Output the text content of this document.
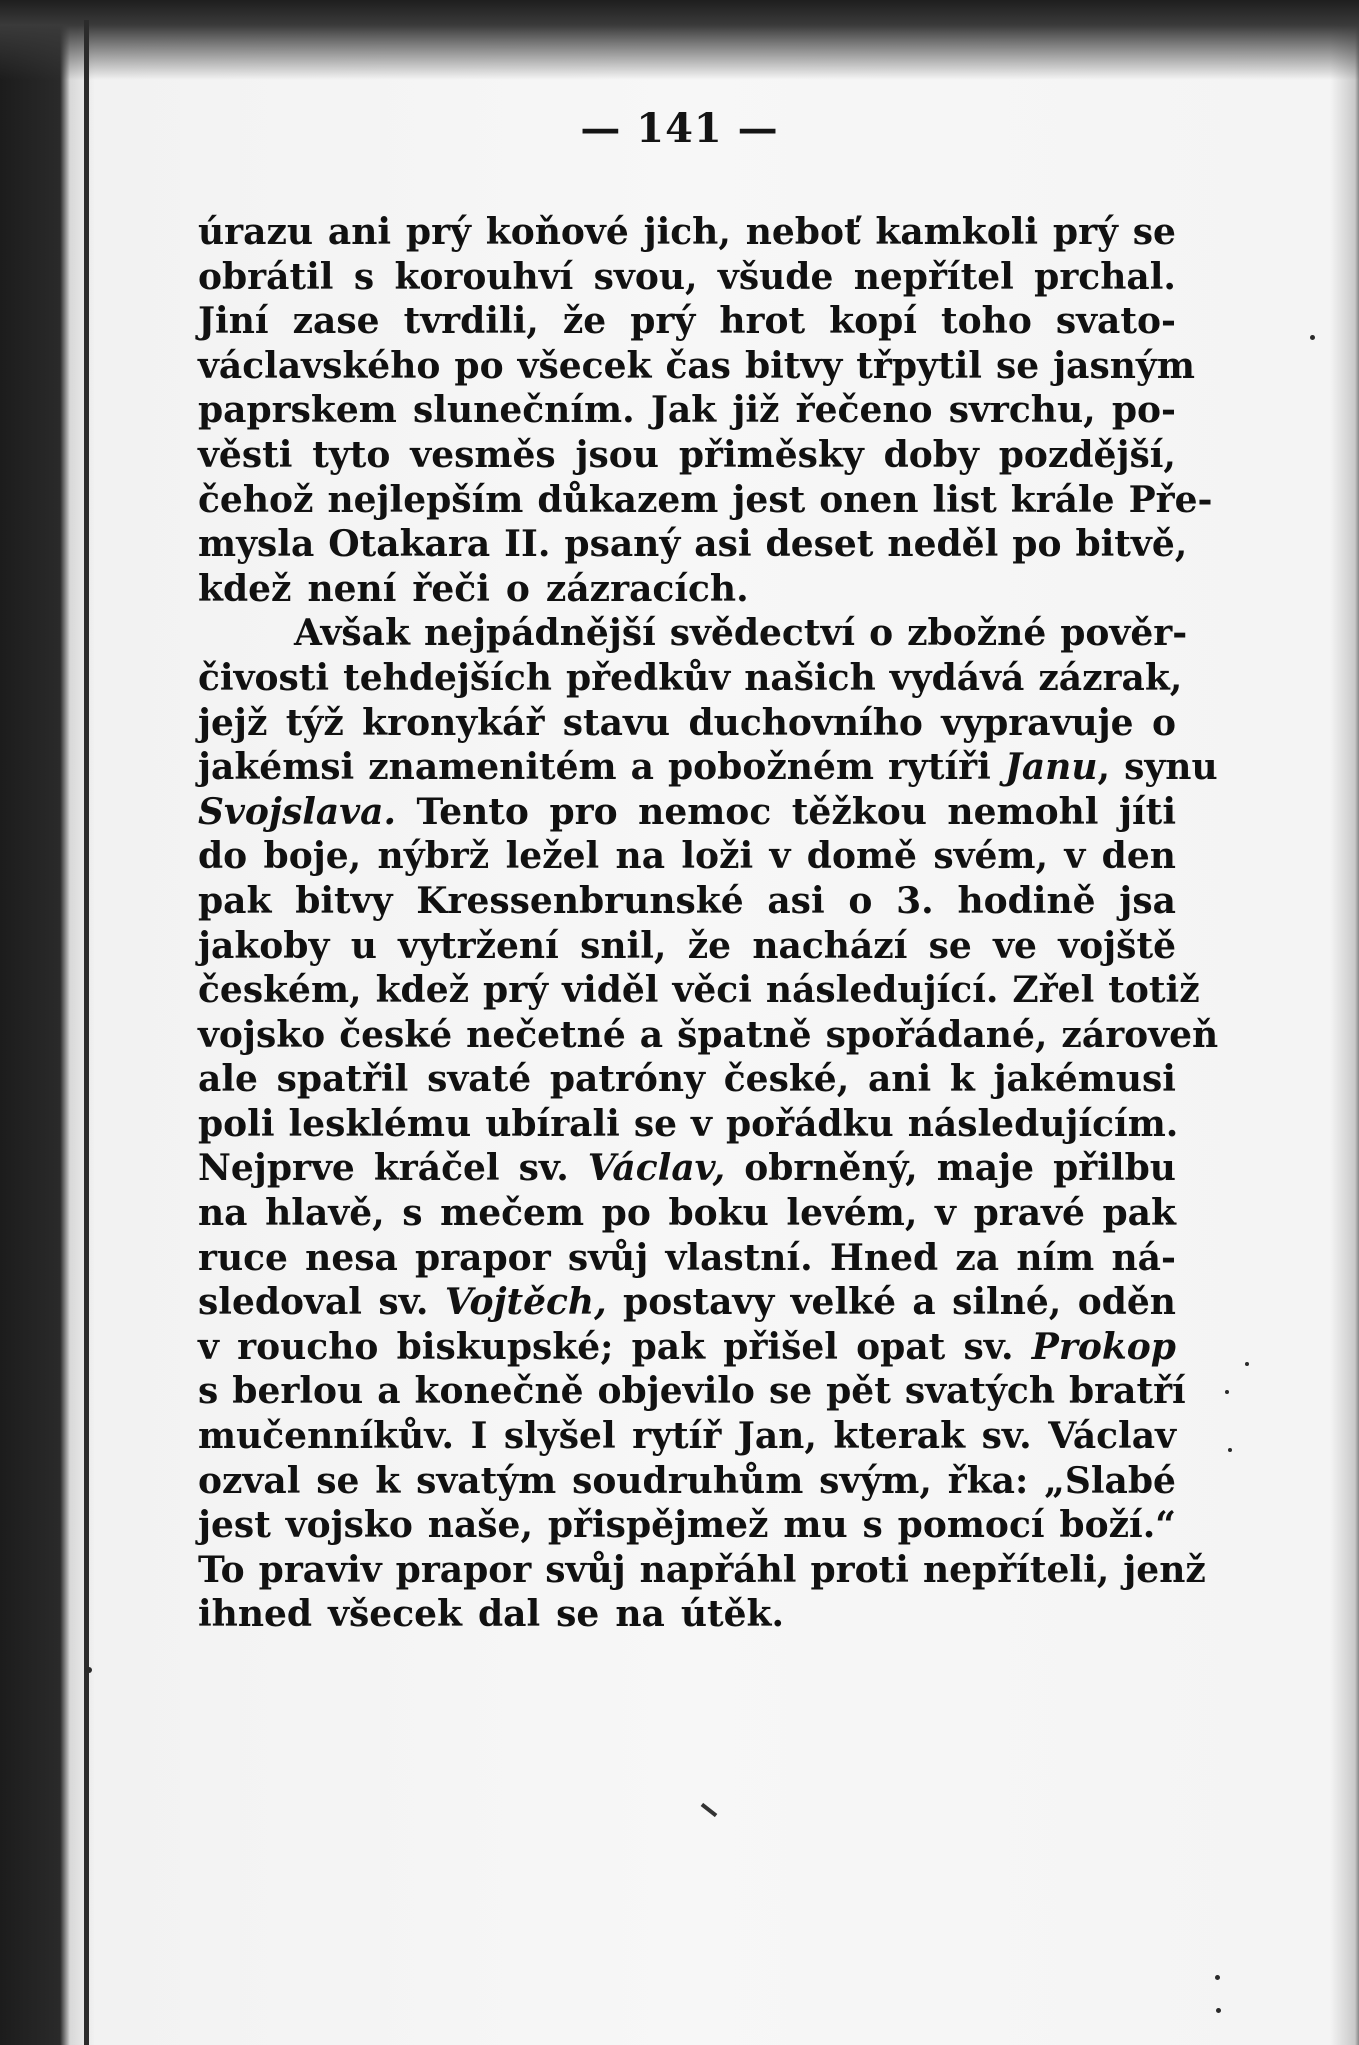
— 141 —
úrazu ani prý koňové jich, neboť kamkoli prý se
obrátil s korouhví svou, všude nepřítel prchal.
Jiní zase tvrdili, že prý hrot kopí toho svato-
václavského po všecek čas bitvy třpytil se jasným
paprskem slunečním. Jak již řečeno svrchu, po-
věsti tyto vesměs jsou přiměsky doby pozdější,
čehož nejlepším důkazem jest onen list krále Pře-
mysla Otakara II. psaný asi deset neděl po bitvě,
kdež není řeči o zázracích.
Avšak nejpádnější svědectví o zbožné pověr-
čivosti tehdejších předkův našich vydává zázrak,
jejž týž kronykář stavu duchovního vypravuje o
jakémsi znamenitém a pobožném rytíři Janu, synu
Svojslava. Tento pro nemoc těžkou nemohl jíti
do boje, nýbrž ležel na loži v domě svém, v den
pak bitvy Kressenbrunské asi o 3. hodině jsa
jakoby u vytržení snil, že nachází se ve vojště
českém, kdež prý viděl věci následující. Zřel totiž
vojsko české nečetné a špatně spořádané, zároveň
ale spatřil svaté patróny české, ani k jakémusi
poli lesklému ubírali se v pořádku následujícím.
Nejprve kráčel sv. Václav, obrněný, maje přilbu
na hlavě, s mečem po boku levém, v pravé pak
ruce nesa prapor svůj vlastní. Hned za ním ná-
sledoval sv. Vojtěch, postavy velké a silné, oděn
v roucho biskupské; pak přišel opat sv. Prokop
s berlou a konečně objevilo se pět svatých bratří
mučenníkův. I slyšel rytíř Jan, kterak sv. Václav
ozval se k svatým soudruhům svým, řka: „Slabé
jest vojsko naše, přispějmež mu s pomocí boží.“
To praviv prapor svůj napřáhl proti nepříteli, jenž
ihned všecek dal se na útěk.
